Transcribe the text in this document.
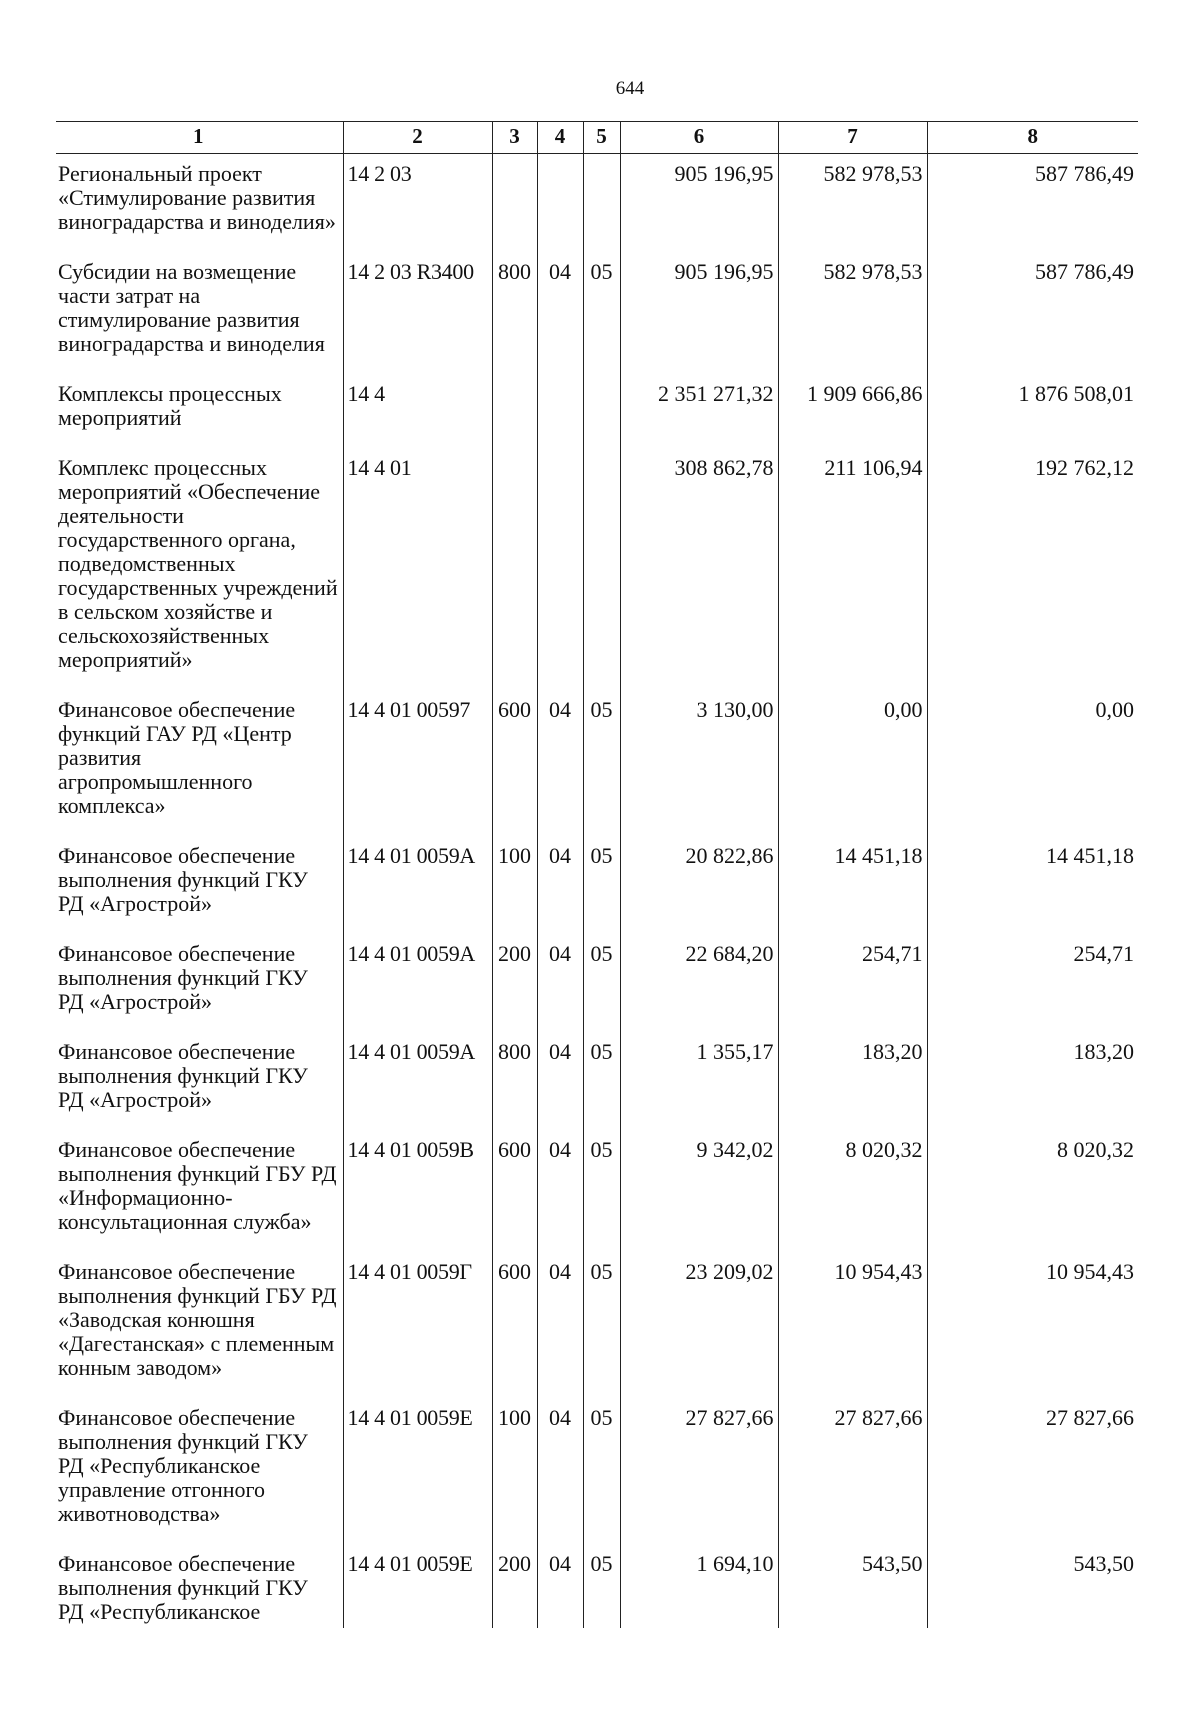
644
1	2	3	4	5	6	7	8
Региональный проект «Стимулирование развития виноградарства и виноделия»	14 2 03				905 196,95	582 978,53	587 786,49
Субсидии на возмещение части затрат на стимулирование развития виноградарства и виноделия	14 2 03 R3400	800	04	05	905 196,95	582 978,53	587 786,49
Комплексы процессных мероприятий	14 4				2 351 271,32	1 909 666,86	1 876 508,01
Комплекс процессных мероприятий «Обеспечение деятельности государственного органа, подведомственных государственных учреждений в сельском хозяйстве и сельскохозяйственных мероприятий»	14 4 01				308 862,78	211 106,94	192 762,12
Финансовое обеспечение функций ГАУ РД «Центр развития агропромышленного комплекса»	14 4 01 00597	600	04	05	3 130,00	0,00	0,00
Финансовое обеспечение выполнения функций ГКУ РД «Агрострой»	14 4 01 0059А	100	04	05	20 822,86	14 451,18	14 451,18
Финансовое обеспечение выполнения функций ГКУ РД «Агрострой»	14 4 01 0059А	200	04	05	22 684,20	254,71	254,71
Финансовое обеспечение выполнения функций ГКУ РД «Агрострой»	14 4 01 0059А	800	04	05	1 355,17	183,20	183,20
Финансовое обеспечение выполнения функций ГБУ РД «Информационно-консультационная служба»	14 4 01 0059В	600	04	05	9 342,02	8 020,32	8 020,32
Финансовое обеспечение выполнения функций ГБУ РД «Заводская конюшня «Дагестанская» с племенным конным заводом»	14 4 01 0059Г	600	04	05	23 209,02	10 954,43	10 954,43
Финансовое обеспечение выполнения функций ГКУ РД «Республиканское управление отгонного животноводства»	14 4 01 0059Е	100	04	05	27 827,66	27 827,66	27 827,66
Финансовое обеспечение выполнения функций ГКУ РД «Республиканское	14 4 01 0059Е	200	04	05	1 694,10	543,50	543,50
